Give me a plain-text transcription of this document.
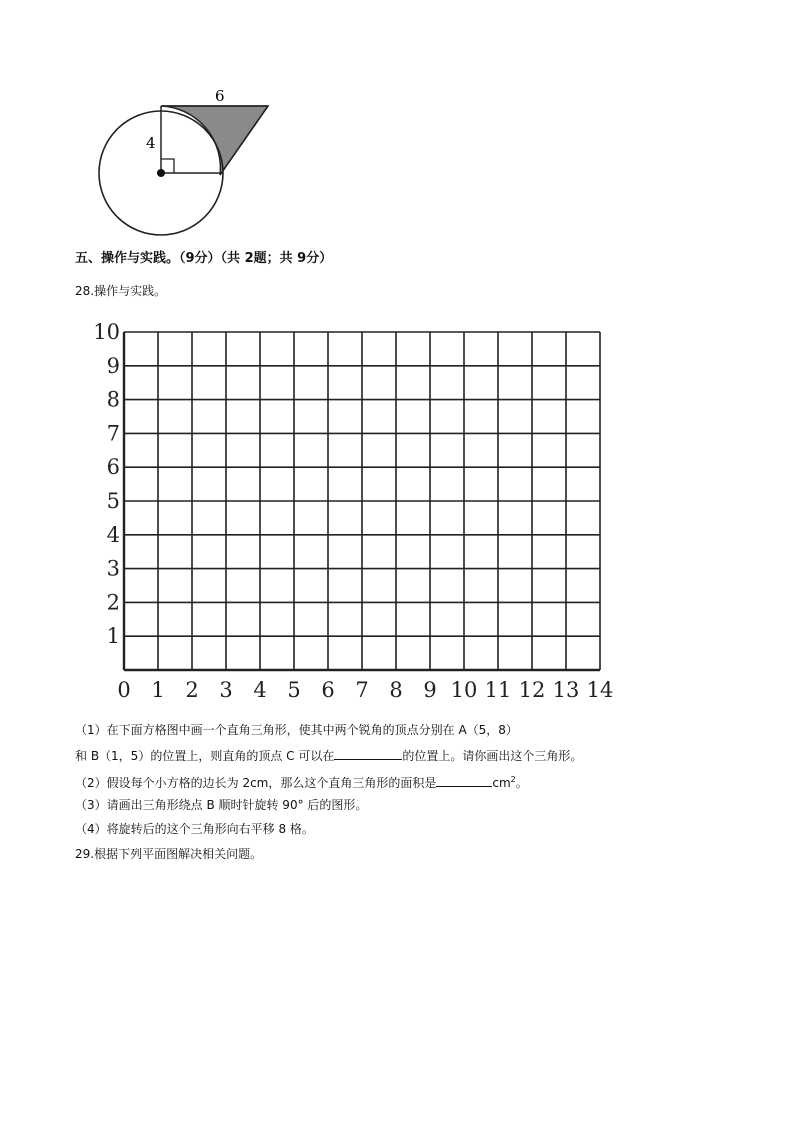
6
4
五、操作与实践。（9分）（共 2题；共 9分）
28.操作与实践。
0 1 2 3 4 5 6 7 8 9 10 11 12 13 14
1
2
3
4
5
6
7
8
9
10
（1）在下面方格图中画一个直角三角形，使其中两个锐角的顶点分别在 A（5，8）
和 B（1，5）的位置上，则直角的顶点 C 可以在	的位置上。请你画出这个三角形。
（2）假设每个小方格的边长为 2cm，那么这个直角三角形的面积是	$cm^2$。
（3）请画出三角形绕点 B 顺时针旋转 90° 后的图形。
（4）将旋转后的这个三角形向右平移 8 格。
29.根据下列平面图解决相关问题。
